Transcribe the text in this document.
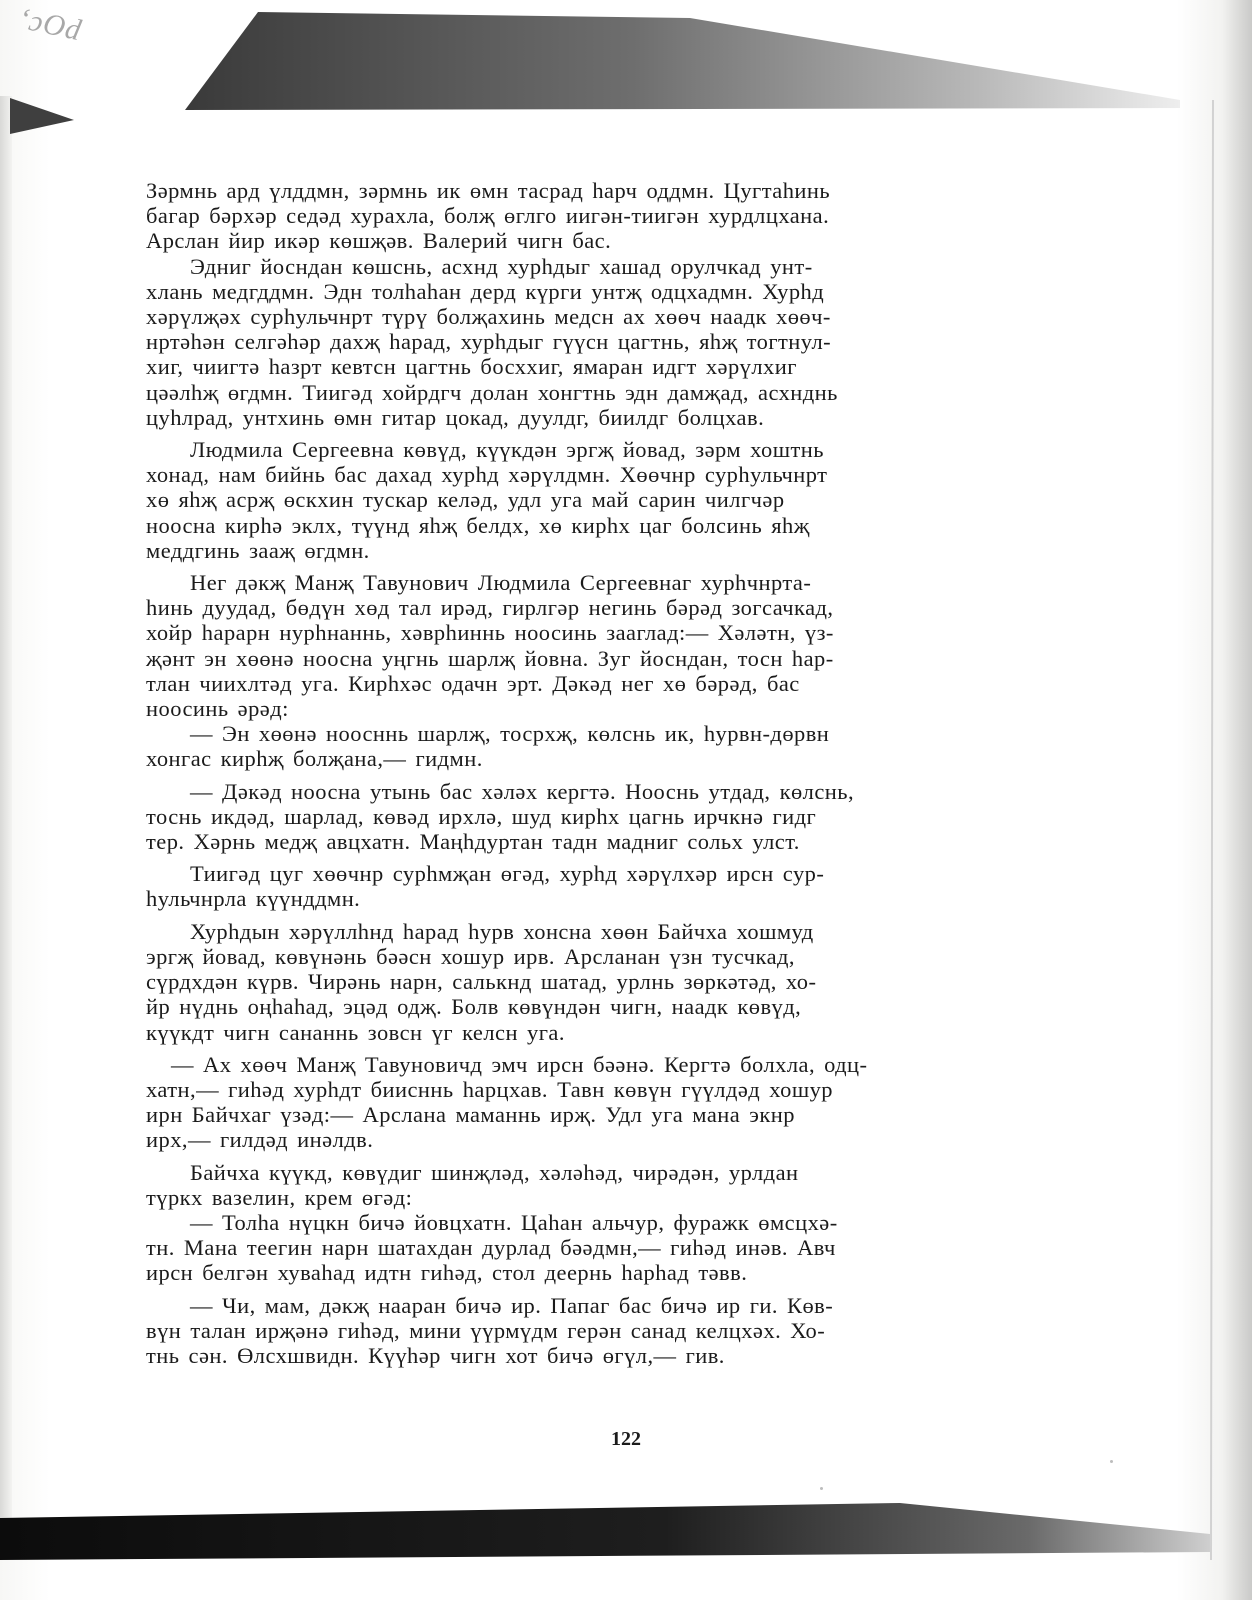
ʻɔOd
Зәрмнь ард үлддмн, зәрмнь ик өмн тасрад һарч оддмн. Цугтаһинь
багар бәрхәр седәд хурахла, болҗ өглго иигән-тиигән хурдлцхана.
Арслан йир икәр көшҗәв. Валерий чигн бас.
Эдниг йосндан көшснь, асхнд хурһдыг хашад орулчкад унт-
хлань медгддмн. Эдн толһаһан дерд күрги унтҗ одцхадмн. Хурһд
хәрүлҗәх сурһульчнрт түрү болҗахинь медсн ах хөөч наадк хөөч-
нртәһән селгәһәр дахҗ һарад, хурһдыг гүүсн цагтнь, яһҗ тогтнул-
хиг, чиигтә һазрт кевтсн цагтнь босххиг, ямаран идгт хәрүлхиг
цәәлһҗ өгдмн. Тиигәд хойрдгч долан хонгтнь эдн дамҗад, асхнднь
цуһлрад, унтхинь өмн гитар цокад, дуулдг, биилдг болцхав.
Людмила Сергеевна көвүд, күүкдән эргҗ йовад, зәрм хоштнь
хонад, нам бийнь бас дахад хурһд хәрүлдмн. Хөөчнр сурһульчнрт
хө яһҗ асрҗ өскхин тускар келәд, удл уга май сарин чилгчәр
ноосна кирһә эклх, түүнд яһҗ белдх, хө кирһх цаг болсинь яһҗ
меддгинь зааҗ өгдмн.
Нег дәкҗ Манҗ Тавунович Людмила Сергеевнаг хурһчнрта-
һинь дуудад, бөдүн хөд тал ирәд, гирлгәр негинь бәрәд зогсачкад,
хойр һарарн нурһнаннь, хәврһиннь ноосинь зааглад:— Хәләтн, үз-
җәнт эн хөөнә ноосна уңгнь шарлҗ йовна. Зуг йосндан, тосн һар-
тлан чиихлтәд уга. Кирһхәс одачн эрт. Дәкәд нег хө бәрәд, бас
ноосинь әрәд:
— Эн хөөнә ноосннь шарлҗ, тосрхҗ, көлснь ик, һурвн-дөрвн
хонгас кирһҗ болҗана,— гидмн.
— Дәкәд ноосна утынь бас хәләх кергтә. Нооснь утдад, көлснь,
тоснь икдәд, шарлад, көвәд ирхлә, шуд кирһх цагнь ирчкнә гидг
тер. Хәрнь медҗ авцхатн. Маңһдуртан тадн мадниг сольх улст.
Тиигәд цуг хөөчнр сурһмҗан өгәд, хурһд хәрүлхәр ирсн сур-
һульчнрла күүнддмн.
Хурһдын хәрүллһнд һарад һурв хонсна хөөн Байчха хошмуд
эргҗ йовад, көвүнәнь бәәсн хошур ирв. Арсланан үзн тусчкад,
сүрдхдән күрв. Чирәнь нарн, салькнд шатад, урлнь зөркәтәд, хо-
йр нүднь оңһаһад, эцәд одҗ. Болв көвүндән чигн, наадк көвүд,
күүкдт чигн сананнь зовсн үг келсн уга.
— Ах хөөч Манҗ Тавуновичд эмч ирсн бәәнә. Кергтә болхла, одц-
хатн,— гиһәд хурһдт биисннь һарцхав. Тавн көвүн гүүлдәд хошур
ирн Байчхаг үзәд:— Арслана маманнь ирҗ. Удл уга мана экнр
ирх,— гилдәд инәлдв.
Байчха күүкд, көвүдиг шинҗләд, хәләһәд, чирәдән, урлдан
түркх вазелин, крем өгәд:
— Толһа нүцкн бичә йовцхатн. Цаһан альчур, фуражк өмсцхә-
тн. Мана теегин нарн шатахдан дурлад бәәдмн,— гиһәд инәв. Авч
ирсн белгән хуваһад идтн гиһәд, стол деернь һарһад тәвв.
— Чи, мам, дәкҗ нааран бичә ир. Папаг бас бичә ир ги. Көв-
вүн талан ирҗәнә гиһәд, мини үүрмүдм герән санад келцхәх. Хо-
тнь сән. Өлсхшвидн. Күүһәр чигн хот бичә өгүл,— гив.
122
